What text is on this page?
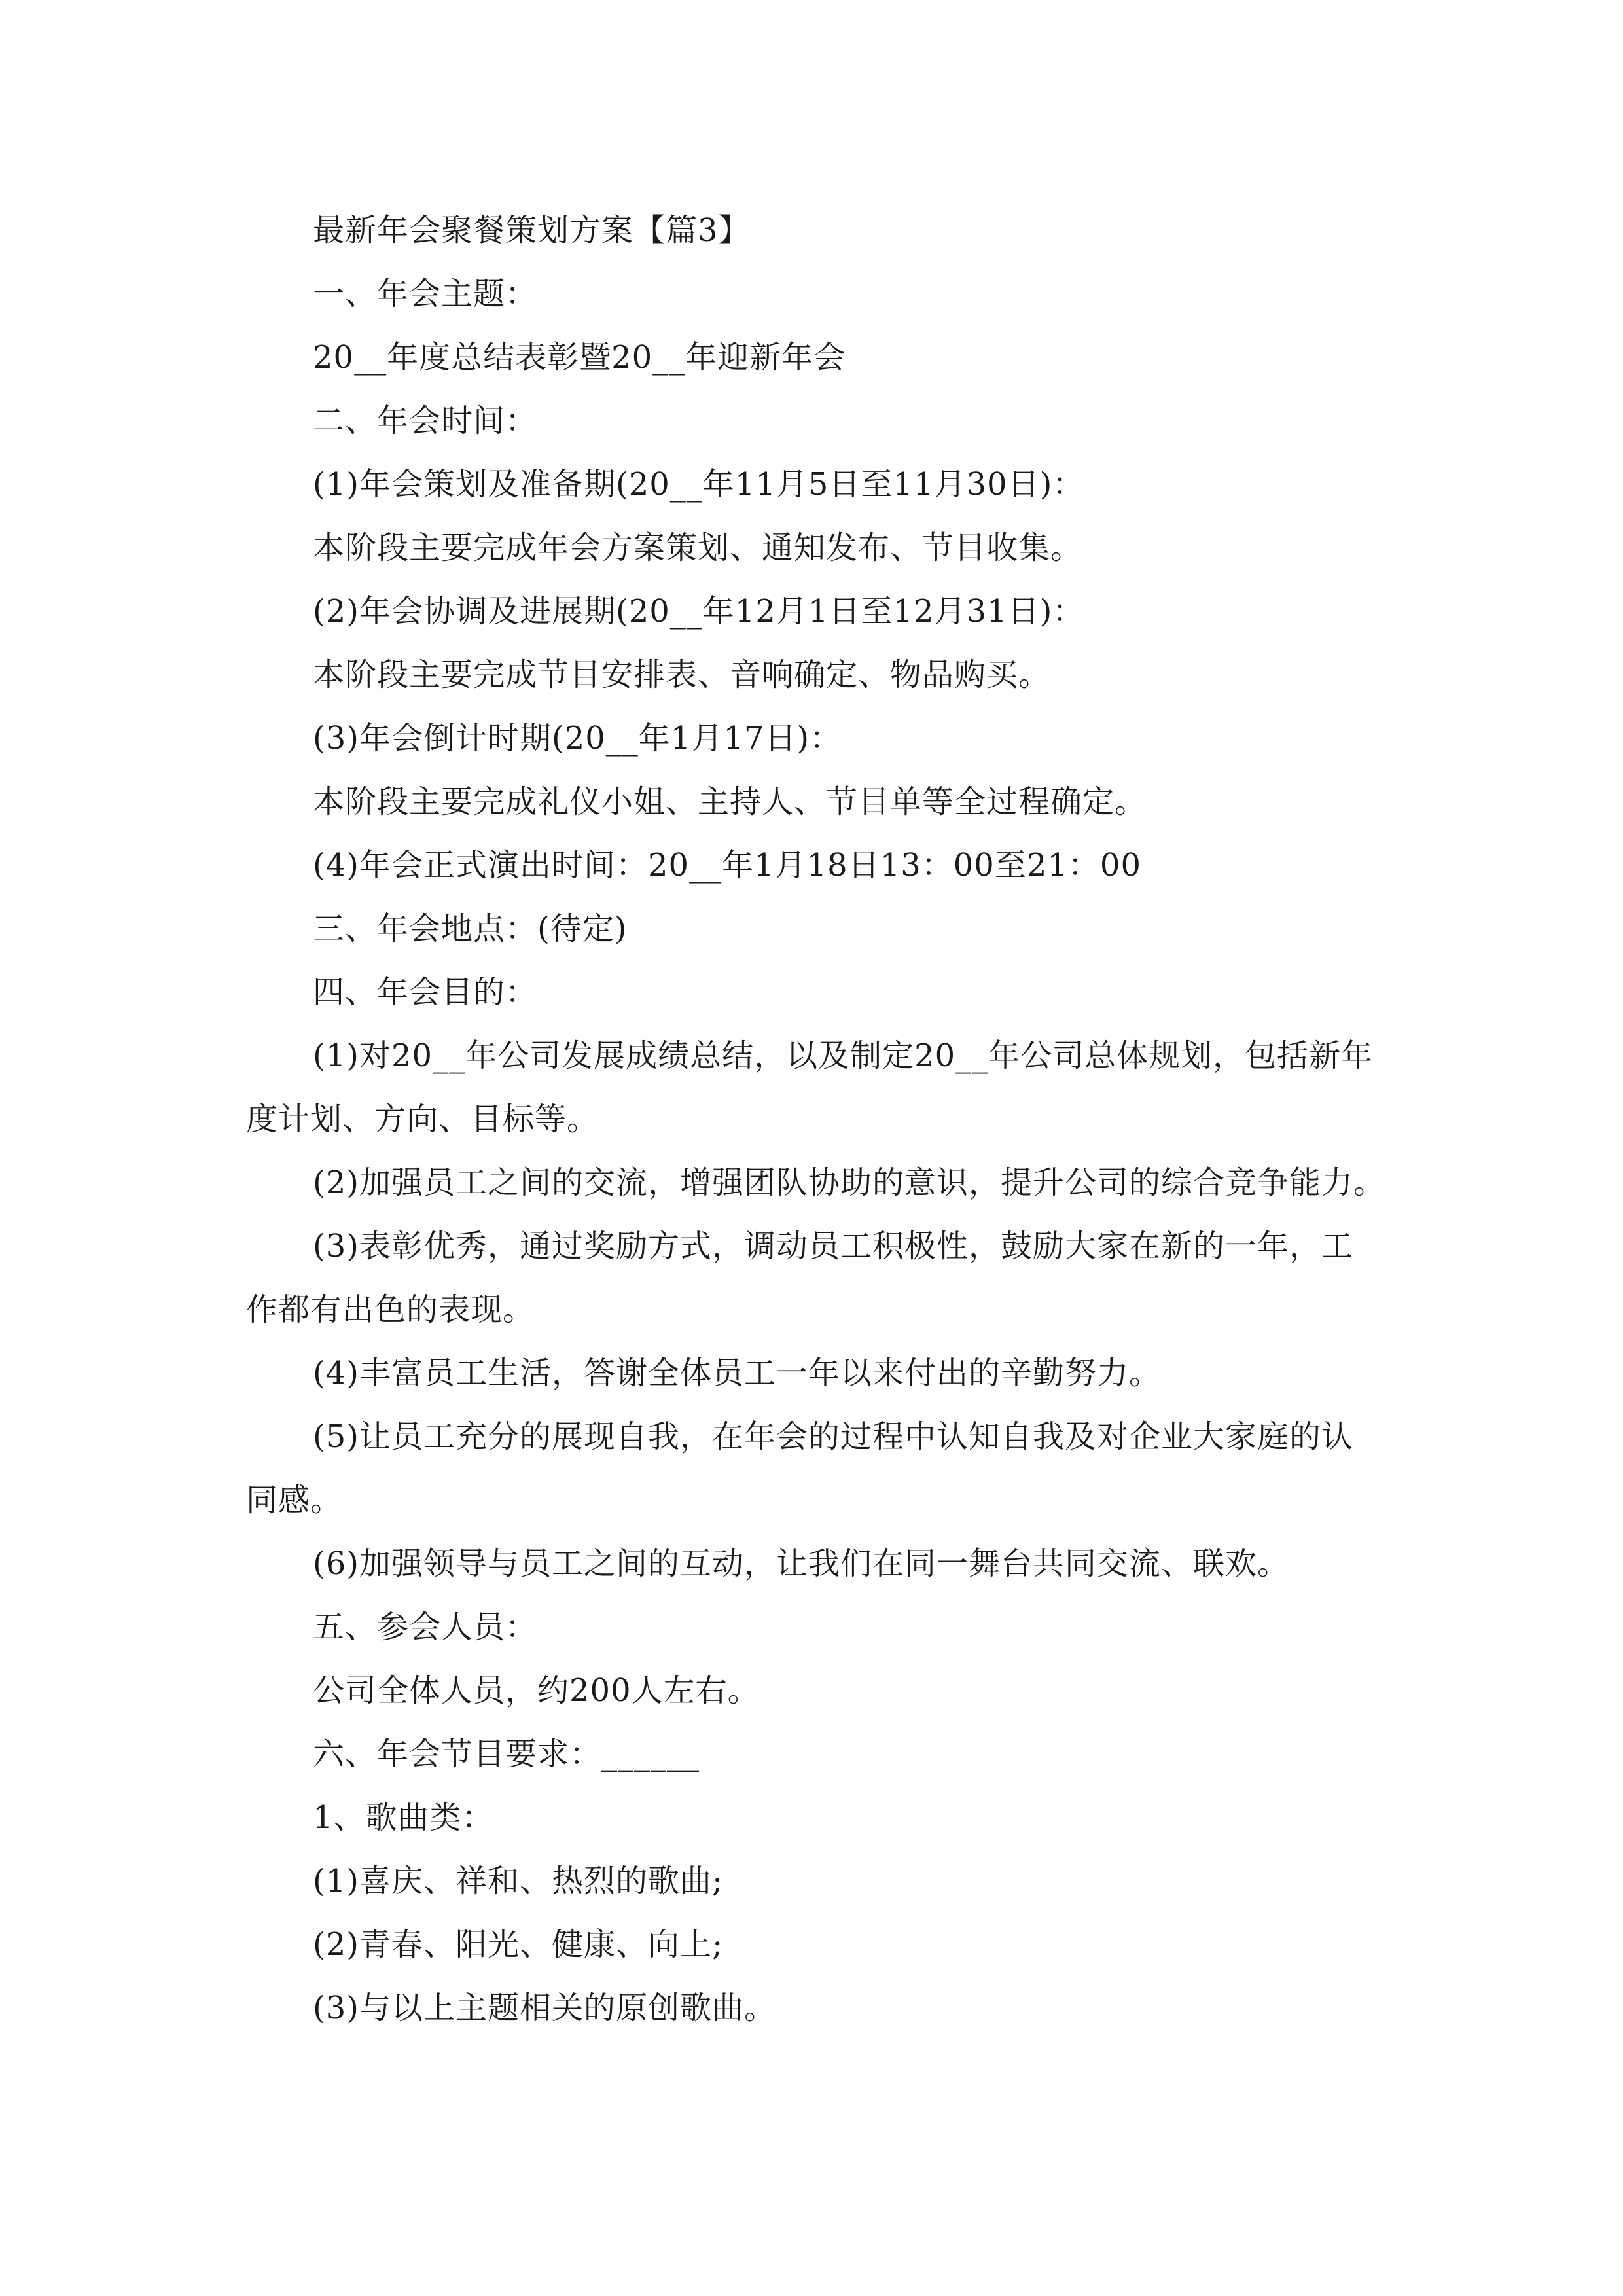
最新年会聚餐策划方案【篇3】
一、年会主题：
20__年度总结表彰暨20__年迎新年会
二、年会时间：
(1)年会策划及准备期(20__年11月5日至11月30日)：
本阶段主要完成年会方案策划、通知发布、节目收集。
(2)年会协调及进展期(20__年12月1日至12月31日)：
本阶段主要完成节目安排表、音响确定、物品购买。
(3)年会倒计时期(20__年1月17日)：
本阶段主要完成礼仪小姐、主持人、节目单等全过程确定。
(4)年会正式演出时间：20__年1月18日13：00至21：00
三、年会地点：(待定)
四、年会目的：
(1)对20__年公司发展成绩总结，以及制定20__年公司总体规划，包括新年
度计划、方向、目标等。
(2)加强员工之间的交流，增强团队协助的意识，提升公司的综合竞争能力。
(3)表彰优秀，通过奖励方式，调动员工积极性，鼓励大家在新的一年，工
作都有出色的表现。
(4)丰富员工生活，答谢全体员工一年以来付出的辛勤努力。
(5)让员工充分的展现自我，在年会的过程中认知自我及对企业大家庭的认
同感。
(6)加强领导与员工之间的互动，让我们在同一舞台共同交流、联欢。
五、参会人员：
公司全体人员，约200人左右。
六、年会节目要求：______
1、歌曲类：
(1)喜庆、祥和、热烈的歌曲;
(2)青春、阳光、健康、向上;
(3)与以上主题相关的原创歌曲。
